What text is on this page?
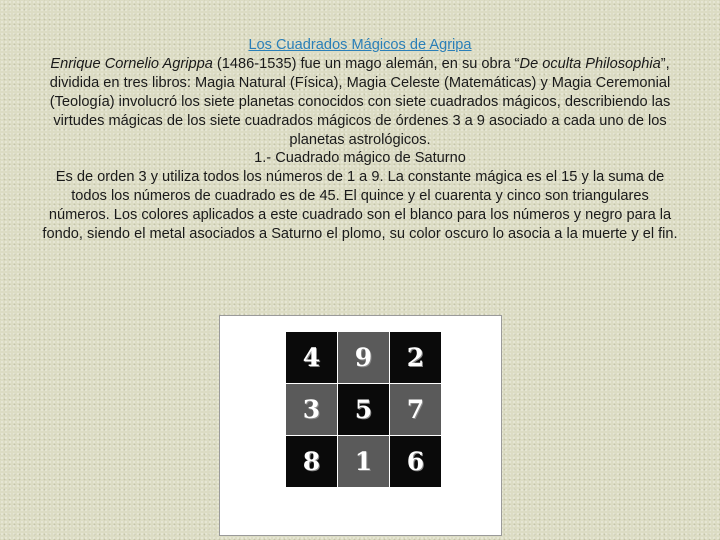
Los Cuadrados Mágicos de Agripa
Enrique Cornelio Agrippa (1486-1535) fue un mago alemán, en su obra “De oculta Philosophia”, dividida en tres libros: Magia Natural (Física), Magia Celeste (Matemáticas) y Magia Ceremonial (Teología) involucró los siete planetas conocidos con siete cuadrados mágicos, describiendo las virtudes mágicas de los siete cuadrados mágicos de órdenes 3 a 9 asociado a cada uno de los planetas astrológicos.
1.- Cuadrado mágico de Saturno
Es de orden 3 y utiliza todos los números de 1 a 9. La constante mágica es el 15 y la suma de todos los números de cuadrado es de 45. El quince y el cuarenta y cinco son triangulares números. Los colores aplicados a este cuadrado son el blanco para los números y negro para la fondo, siendo el metal asociados a Saturno el plomo, su color oscuro lo asocia a la muerte y el fin.
4	9	2
3	5	7
8	1	6
